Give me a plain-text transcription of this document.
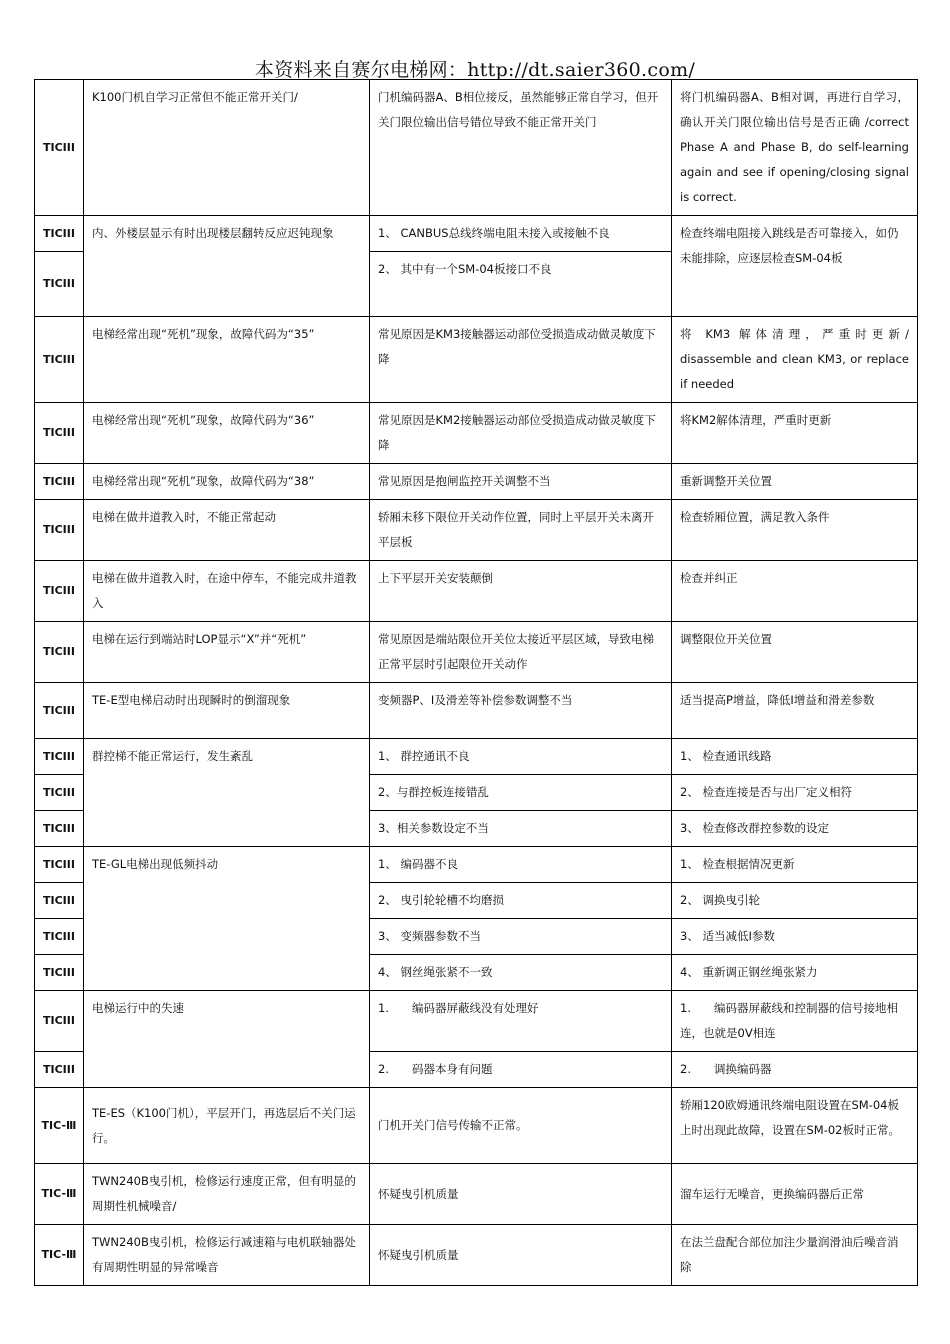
本资料来自赛尔电梯网：http://dt.saier360.com/
TICIII	K100门机自学习正常但不能正常开关门/	门机编码器A、B相位接反，虽然能够正常自学习，但开关门限位输出信号错位导致不能正常开关门	将门机编码器A、B相对调，再进行自学习，确认开关门限位输出信号是否正确 /correct Phase A and Phase B, do self-learning again and see if opening/closing signal is correct.
TICIII	内、外楼层显示有时出现楼层翻转反应迟钝现象	1、 CANBUS总线终端电阻未接入或接触不良	检查终端电阻接入跳线是否可靠接入，如仍未能排除，应逐层检查SM-04板
TICIII		2、 其中有一个SM-04板接口不良	
TICIII	电梯经常出现“死机”现象，故障代码为“35”	常见原因是KM3接触器运动部位受损造成动做灵敏度下降	将 KM3 解体清理，严重时更新/ disassemble and clean KM3, or replace if needed
TICIII	电梯经常出现“死机”现象，故障代码为“36”	常见原因是KM2接触器运动部位受损造成动做灵敏度下降	将KM2解体清理，严重时更新
TICIII	电梯经常出现“死机”现象，故障代码为“38”	常见原因是抱闸监控开关调整不当	重新调整开关位置
TICIII	电梯在做井道教入时，不能正常起动	轿厢未移下限位开关动作位置，同时上平层开关未离开平层板	检查轿厢位置，满足教入条件
TICIII	电梯在做井道教入时，在途中停车，不能完成井道教入	上下平层开关安装颠倒	检查并纠正
TICIII	电梯在运行到端站时LOP显示“X”并“死机”	常见原因是端站限位开关位太接近平层区域，导致电梯正常平层时引起限位开关动作	调整限位开关位置
TICIII	TE-E型电梯启动时出现瞬时的倒溜现象	变频器P、I及滑差等补偿参数调整不当	适当提高P增益，降低I增益和滑差参数
TICIII	群控梯不能正常运行，发生紊乱	1、 群控通讯不良	1、 检查通讯线路
TICIII		2、与群控板连接错乱	2、 检查连接是否与出厂定义相符
TICIII		3、相关参数设定不当	3、 检查修改群控参数的设定
TICIII	TE-GL电梯出现低频抖动	1、 编码器不良	1、 检查根据情况更新
TICIII		2、 曳引轮轮槽不均磨损	2、 调换曳引轮
TICIII		3、 变频器参数不当	3、 适当减低I参数
TICIII		4、 钢丝绳张紧不一致	4、 重新调正钢丝绳张紧力
TICIII	电梯运行中的失速	1.　　编码器屏蔽线没有处理好	1.　　编码器屏蔽线和控制器的信号接地相连，也就是0V相连
TICIII		2.　　码器本身有问题	2.　　调换编码器
TIC-Ⅲ	TE-ES（K100门机），平层开门，再选层后不关门运行。	门机开关门信号传输不正常。	轿厢120欧姆通讯终端电阻设置在SM-04板上时出现此故障，设置在SM-02板时正常。
TIC-Ⅲ	TWN240B曳引机，检修运行速度正常，但有明显的周期性机械噪音/	怀疑曳引机质量	溜车运行无噪音，更换编码器后正常
TIC-Ⅲ	TWN240B曳引机，检修运行减速箱与电机联轴器处有周期性明显的异常噪音	怀疑曳引机质量	在法兰盘配合部位加注少量润滑油后噪音消除
